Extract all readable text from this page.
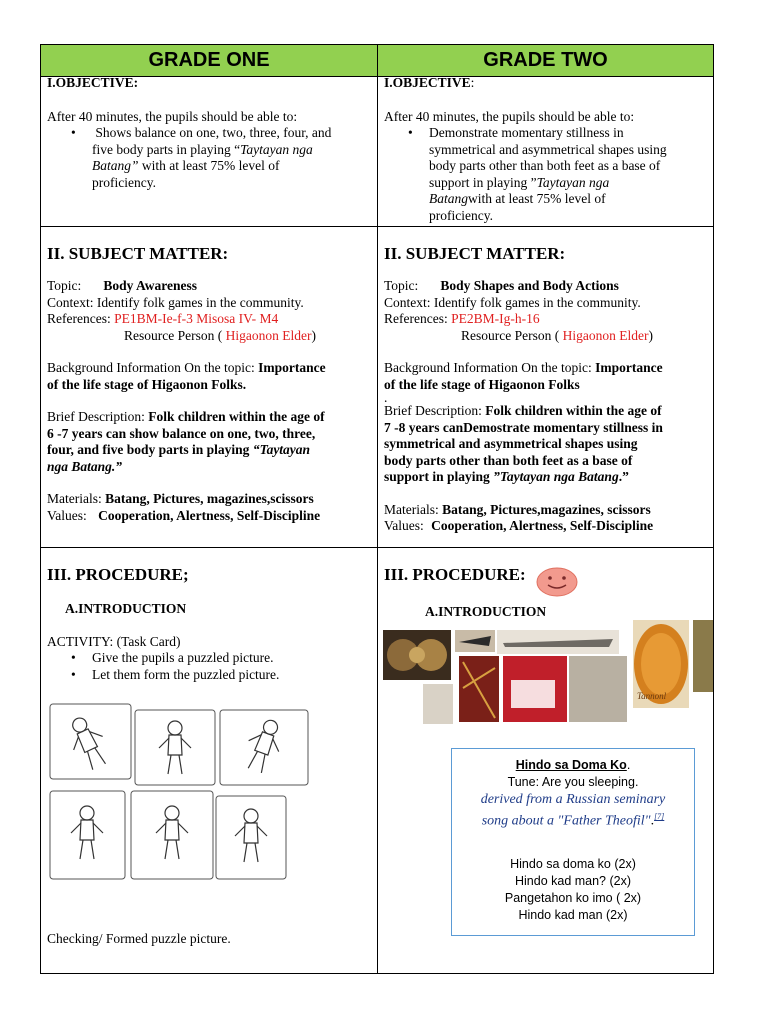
GRADE ONE	GRADE TWO

I.OBJECTIVE:

After 40 minutes, the pupils should be able to:

• Shows balance on one, two, three, four, and

five body parts in playing “Taytayan nga

Batang” with at least 75% level of

proficiency.

I.OBJECTIVE:

After 40 minutes, the pupils should be able to:

• Demonstrate momentary stillness in

symmetrical and asymmetrical shapes using

body parts other than both feet as a base of

support in playing ”Taytayan nga

Batangwith at least 75% level of

proficiency.

II. SUBJECT MATTER:

Topic: Body Awareness

Context: Identify folk games in the community.

References: PE1BM-Ie-f-3 Misosa IV- M4

Resource Person ( Higaonon Elder)

Background Information On the topic: Importance

of the life stage of Higaonon Folks.

Brief Description: Folk children within the age of

6 -7 years can show balance on one, two, three,

four, and five body parts in playing “Taytayan

nga Batang.”

Materials: Batang, Pictures, magazines,scissors

Values: Cooperation, Alertness, Self-Discipline

II. SUBJECT MATTER:

Topic: Body Shapes and Body Actions

Context: Identify folk games in the community.

References: PE2BM-Ig-h-16

Resource Person ( Higaonon Elder)

Background Information On the topic: Importance

of the life stage of Higaonon Folks

.

Brief Description: Folk children within the age of

7 -8 years canDemostrate momentary stillness in

symmetrical and asymmetrical shapes using

body parts other than both feet as a base of

support in playing ”Taytayan nga Batang.”

Materials: Batang, Pictures,magazines, scissors

Values: Cooperation, Alertness, Self-Discipline

III. PROCEDURE;

A.INTRODUCTION

ACTIVITY: (Task Card)

• Give the pupils a puzzled picture.

• Let them form the puzzled picture.

Checking/ Formed puzzle picture.

III. PROCEDURE:

A.INTRODUCTION

Tannonl

Hindo sa Doma Ko.

Tune: Are you sleeping.

derived from a Russian seminary

song about a "Father Theofil".[7]

Hindo sa doma ko (2x)

Hindo kad man? (2x)

Pangetahon ko imo ( 2x)

Hindo kad man (2x)
